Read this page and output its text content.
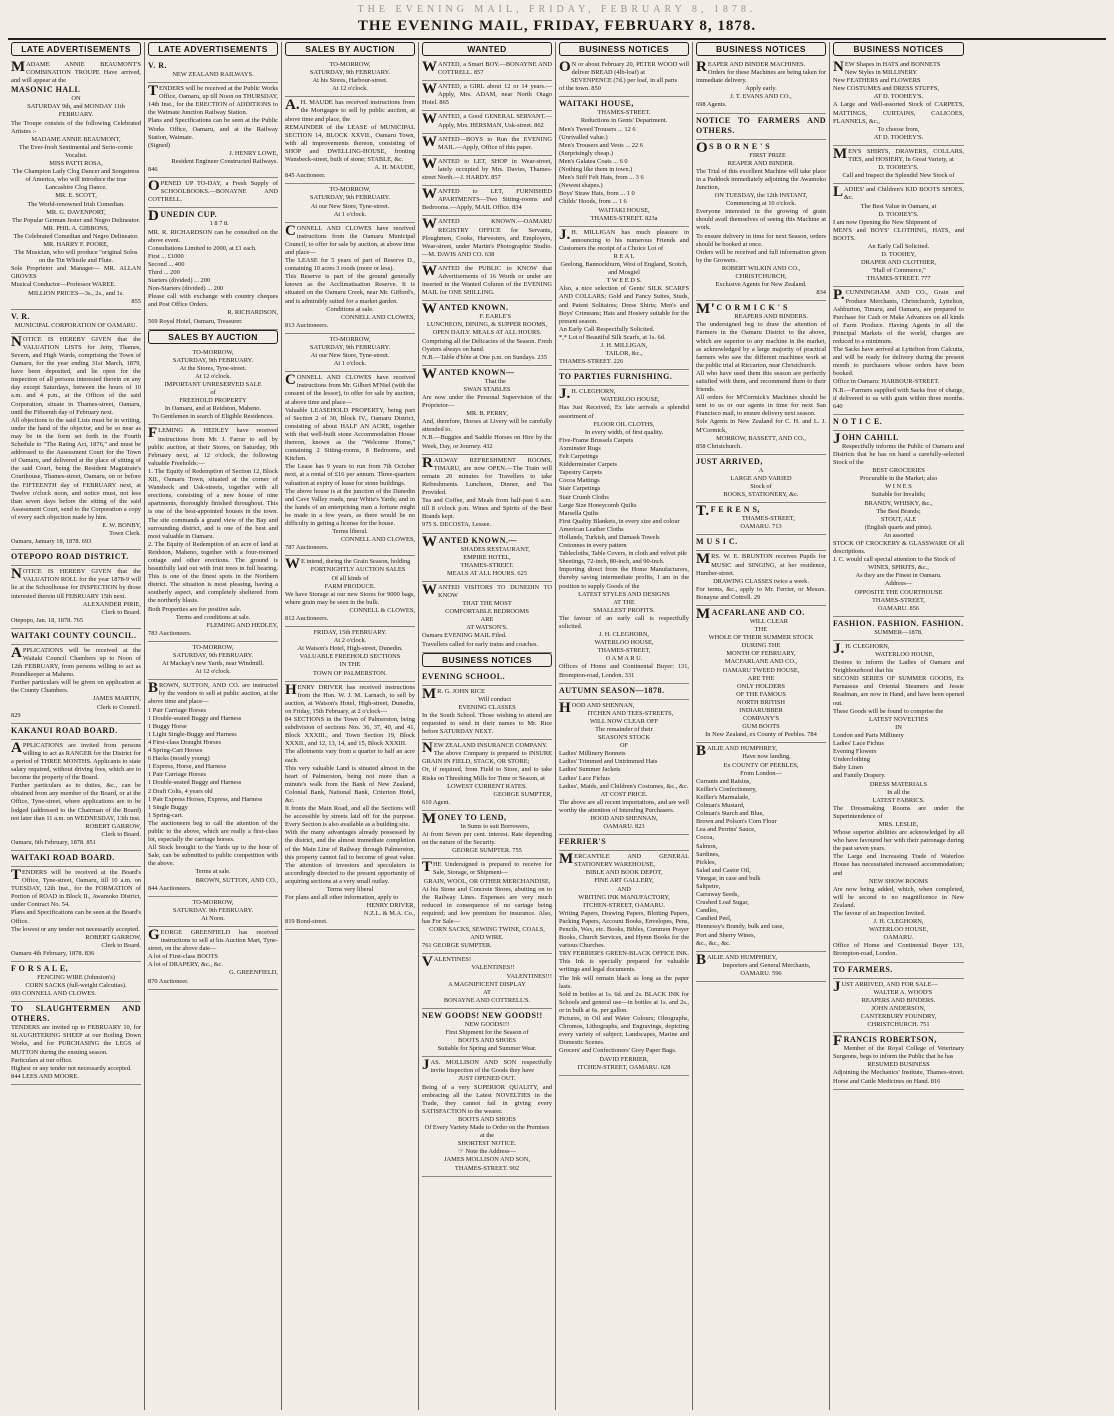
THE EVENING MAIL, FRIDAY, FEBRUARY 8, 1878.
THE EVENING MAIL, FRIDAY, FEBRUARY 8, 1878.
LATE ADVERTISEMENTS

MADAME ANNIE BEAUMONT'S COMBINATION TROUPE Have arrived, and will appear at the

MASONIC HALL

ON

SATURDAY 9th, and MONDAY 11th FEBRUARY.

The Troupe consists of the following Celebrated Artistes :-

MADAME ANNIE BEAUMONT,

The Ever-fresh Sentimental and Serio-comic Vocalist.

MISS PATTI ROSA,

The Champion Lady Clog Dancer and Songstress of America, who will introduce the true Lancashire Clog Dance.

MR. E. SCOTT,

The World-renowned Irish Comedian.

MR. G. DAVENPORT,

The Popular German Jester and Negro Delineator.

MR. PHIL A. GIBBONS,

The Celebrated Comedian and Negro Delineator.

MR. HARRY F. POORE,

The Musician, who will produce "original Solos on the Tin Whistle and Flute.

Sole Proprietor and Manager— MR. ALLAN GROVES

Musical Conductor—Professor WAREE.

MILLION PRICES—3s., 2s., and 1s.

855

V. R.

MUNICIPAL CORPORATION OF OAMARU.

NOTICE IS HEREBY GIVEN that the VALUATION LISTS for Jetty, Thames, Severn, and High Wards, comprising the Town of Oamaru, for the year ending 31st March, 1879, have been deposited, and lie open for the inspection of all persons interested therein on any day except Saturdays, between the hours of 10 a.m. and 4 p.m., at the Offices of the said Corporation, situate in Thames-street, Oamaru, until the Fifteenth day of February next.

All objections to the said Lists must be in writing, under the hand of the objector, and be so near as may be in the form set forth in the Fourth Schedule to "The Rating Act, 1876," and must be addressed to the Assessment Court for the Town of Oamaru, and delivered at the place of sitting of the said Court, being the Resident Magistrate's Courthouse, Thames-street, Oamaru, on or before the FIFTEENTH day of FEBRUARY next, at Twelve o'clock noon, and notice must, not less than seven days before the sitting of the said Assessment Court, send to the Corporation a copy of every such objection made by him.

E. W. BONBY,

Town Clerk.

Oamaru, January 18, 1878. 693

OTEPOPO ROAD DISTRICT.

NOTICE IS HEREBY GIVEN that the VALUATION ROLL for the year 1878-9 will lie at the Schoolhouse for INSPECTION by those interested therein till FEBRUARY 15th next.

ALEXANDER PIRIE,

Clerk to Board.

Otepopo, Jan. 18, 1878. 765

WAITAKI COUNTY COUNCIL.

APPLICATIONS will be received at the Waitaki Council Chambers up to Noon of 12th FEBRUARY, from persons willing to act as Poundkeeper at Maheno.

Further particulars will be given on application at the County Chambers.

JAMES MARTIN,

Clerk to Council.

829

KAKANUI ROAD BOARD.

APPLICATIONS are invited from persons willing to act as RANGER for the District for a period of THREE MONTHS. Applicants to state salary required, without driving fees, which are to become the property of the Board.

Further particulars as to duties, &c., can be obtained from any member of the Board, or at the Office, Tyne-street, where applications are to be lodged (addressed to the Chairman of the Board) not later than 11 a.m. on WEDNESDAY, 13th inst.

ROBERT GARROW,

Clerk to Board.

Oamaru, 6th February, 1878. 851

WAITAKI ROAD BOARD.

TENDERS will be received at the Board's Office, Tyne-street, Oamaru, till 10 a.m. on TUESDAY, 12th Inst., for the FORMATION of Portion of ROAD in Block II., Awamoko District, under Contract No. 54.

Plans and Specifications can be seen at the Board's Office.

The lowest or any tender not necessarily accepted.

ROBERT GARROW,

Clerk to Board.

Oamaru 4th February, 1878. 836

F O R S A L E,

FENCING WIRE (Johnston's)

CORN SACKS (full-weight Calcuttas).

693 CONNELL AND CLOWES.

TO SLAUGHTERMEN AND OTHERS.

TENDERS are invited up to FEBRUARY 10, for SLAUGHTERING SHEEP at our Boiling Down Works, and for PURCHASING the LEGS of MUTTON during the ensuing season.

Particulars at our office.

Highest or any tender not necessarily accepted.

844 LEES AND MOORE.

LATE ADVERTISEMENTS

V. R.

NEW ZEALAND RAILWAYS.

TENDERS will be received at the Public Works Office, Oamaru, up till Noon on THURSDAY, 14th Inst., for the ERECTION of ADDITIONS to the Waimate Junction Railway Station.

Plans and Specifications can be seen at the Public Works Office, Oamaru, and at the Railway Station, Waimate.

(Signed)

J. HENRY LOWE,

Resident Engineer Constructed Railways.

846

OPENED UP TO-DAY, a Fresh Supply of SCHOOLBOOKS.—BONAYNE AND COTTRELL.

DUNEDIN CUP.

1 8 7 8.

MR. R. RICHARDSON can be consulted on the above event.

Consultations Limited to 2000, at £1 each.

First ... £1000

Second ... 400

Third ... 200

Starters (divided) ... 200

Non-Starters (divided) ... 200

Please call with exchange with country cheques and Post Office Orders.

R. RICHARDSON,

569 Royal Hotel, Oamaru, Treasurer.

SALES BY AUCTION

TO-MORROW,

SATURDAY, 9th FEBRUARY.

At the Stores, Tyne-street.

At 12 o'clock.

IMPORTANT UNRESERVED SALE

of

FREEHOLD PROPERTY

In Oamaru, and at Reidston, Maheno.

To Gentlemen in search of Eligible Residences.

FLEMING & HEDLEY have received instructions from Mr. J. Farrar to sell by public auction, at their Stores, on Saturday, 9th February next, at 12 o'clock, the following valuable Freeholds:—

1. The Equity of Redemption of Section 12, Block XII., Oamaru Town, situated at the corner of Wansbeck and Usk-streets, together with all erections, consisting of a new house of nine apartments, thoroughly finished throughout. This is one of the best-appointed houses in the town. The site commands a grand view of the Bay and surrounding district, and is one of the best and most valuable in Oamaru.

2. The Equity of Redemption of an acre of land at Reidston, Maheno, together with a four-roomed cottage and other erections. The ground is beautifully laid out with fruit trees in full bearing. This is one of the finest spots in the Northern district. The situation is most pleasing, having a southerly aspect, and completely sheltered from the northerly blasts.

Both Properties are for positive sale.

Terms and conditions at sale.

FLEMING AND HEDLEY,

783 Auctioneers.

TO-MORROW,

SATURDAY, 9th FEBRUARY.

At Mackay's new Yards, near Windmill.

At 12 o'clock.

BROWN, SUTTON, AND CO. are instructed by the vendors to sell at public auction, at the above time and place—

1 Pair Carriage Horses

1 Double-seated Buggy and Harness

1 Buggy Horse

1 Light Single-Buggy and Harness

4 First-class Draught Horses

4 Spring-Cart Horses

6 Hacks (mostly young)

1 Express, Horse, and Harness

1 Pair Carriage Horses

1 Double-seated Buggy and Harness

2 Draft Colts, 4 years old

1 Pair Express Horses, Express, and Harness

1 Single Buggy

1 Spring-cart.

The auctioneers beg to call the attention of the public to the above, which are really a first-class lot, especially the carriage horses.

All Stock brought to the Yards up to the hour of Sale, can be submitted to public competition with the above.

Terms at sale.

BROWN, SUTTON, AND CO.,

844 Auctioneers.

TO-MORROW,

SATURDAY. 9th FEBRUARY.

At Noon.

GEORGE GREENFIELD has received instructions to sell at his Auction Mart, Tyne-street, on the above date—

A lot of First-class BOOTS

A lot of DRAPERY, &c., &c.

G. GREENFIELD,

870 Auctioneer.

SALES BY AUCTION

TO-MORROW,

SATURDAY, 9th FEBRUARY.

At his Stores, Harbour-street.

At 12 o'clock.

A.H. MAUDE has received instructions from the Mortgagee to sell by public auction, at above time and place, the

REMAINDER of the LEASE of MUNICIPAL SECTION 14, BLOCK XXVII., Oamaru Town, with all improvements thereon, consisting of SHOP and DWELLING-HOUSE, fronting Wansbeck-street, built of stone; STABLE, &c.

A. H. MAUDE,

845 Auctioneer.

TO-MORROW,

SATURDAY, 9th FEBRUARY.

At our New Store, Tyne-street.

At 1 o'clock.

CONNELL AND CLOWES have received instructions from the Oamaru Municipal Council, to offer for sale by auction, at above time and place—

The LEASE for 5 years of part of Reserve D., containing 10 acres 3 roods (more or less).

This Reserve is part of the ground generally known as the Acclimatisation Reserve. It is situated on the Oamaru Creek, near Mr. Gifford's, and is admirably suited for a market garden.

Conditions at sale.

CONNELL AND CLOWES,

813 Auctioneers.

TO-MORROW,

SATURDAY, 9th FEBRUARY.

At our New Store, Tyne-street.

At 1 o'clock.

CONNELL AND CLOWES have received instructions from Mr. Gilbert M'Niel (with the consent of the lessor), to offer for sale by auction, at above time and place—

Valuable LEASEHOLD PROPERTY, being part of Section 2 of 30, Block IV., Oamaru District, consisting of about HALF AN ACRE, together with that well-built stone Accommodation House thereon, known as the "Welcome Home," containing 2 Sitting-rooms, 8 Bedrooms, and Kitchen.

The Lease has 9 years to run from 7th October next, at a rental of £16 per annum. Three-quarters valuation at expiry of lease for stone buildings.

The above house is at the junction of the Dunedin and Cave Valley roads, near White's Yards; and in the hands of an enterprising man a fortune might be made in a few years, as there would be no difficulty in getting a license for the house.

Terms liberal.

CONNELL AND CLOWES,

787 Auctioneers.

WE intend, during the Grain Season, holding

FORTNIGHTLY AUCTION SALES

Of all kinds of

FARM PRODUCE.

We have Storage at our new Stores for 9000 bags, where grain may be seen in the bulk.

CONNELL & CLOWES,

812 Auctioneers.

FRIDAY, 15th FEBRUARY.

At 2 o'clock.

At Watson's Hotel, High-street, Dunedin.

VALUABLE FREEHOLD SECTIONS

IN THE

TOWN OF PALMERSTON.

HENRY DRIVER has received instructions from the Hon. W. J. M. Larnach, to sell by auction, at Watson's Hotel, High-street, Dunedin, on Friday, 15th February, at 2 o'clock—

84 SECTIONS in the Town of Palmerston, being subdivision of sections Nos. 36, 37, 40, and 41, Block XXXIII., and Town Section 19, Block XXXII., and 12, 13, 14, and 15, Block XXXIII.

The allotments vary from a quarter to half an acre each.

This very valuable Land is situated almost in the heart of Palmerston, being not more than a minute's walk from the Bank of New Zealand, Colonial Bank, National Bank, Criterion Hotel, &c.

It fronts the Main Road, and all the Sections will be accessible by streets laid off for the purpose. Every Section is also available as a building site.

With the many advantages already possessed by the district, and the almost immediate completion of the Main Line of Railway through Palmerston, this property cannot fail to become of great value. The attention of investors and speculators is accordingly directed to the present opportunity of acquiring sections at a very small outlay.

Terms very liberal

For plans and all other information, apply to

HENRY DRIVER,

N.Z.L. & M.A. Co.,

819 Bond-street.

WANTED

WANTED, a Smart BOY.—BONAYNE AND COTTRELL. 857

WANTED, a GIRL about 12 or 14 years.—Apply, Mrs. ADAM, near North Otago Hotel. 865

WANTED, a Good GENERAL SERVANT.—Apply, Mrs. HERSMAN, Usk-street. 862

WANTED—BOYS to Run the EVENING MAIL.—Apply, Office of this paper.

WANTED to LET, SHOP in Wear-street, lately occupied by Mrs. Davies, Thames-street North.—J. HARDY. 857

WANTED to LET, FURNISHED APARTMENTS—Two Sitting-rooms and Bedrooms.—Apply, MAIL Office. 834

WANTED KNOWN.—OAMARU REGISTRY OFFICE for Servants, Ploughmen, Cooks, Harvesters, and Employers, Wear-street, under Martin's Photographic Studio.—M. DAVIS AND CO. 638

WANTED the PUBLIC to KNOW that Advertisements of 16 Words or under are inserted in the Wanted Column of the EVENING MAIL for ONE SHILLING.

WANTED KNOWN.

F. EARLE'S

LUNCHEON, DINING, & SUPPER ROOMS,

OPEN DAILY. MEALS AT ALL HOURS.

Comprising all the Delicacies of the Season. Fresh Oysters always on hand.

N.B.—Table d'hôte at One p.m. on Sundays. 235

WANTED KNOWN—

That the

SWAN STABLES

Are now under the Personal Supervision of the Proprietor—

MR. B. PERRY,

And, therefore, Horses at Livery will be carefully attended to.

N.B.—Buggies and Saddle Horses on Hire by the Week, Day, or Journey. 432

RAILWAY REFRESHMENT ROOMS, TIMARU, are now OPEN.—The Train will remain 20 minutes for Travellers to take Refreshments. Luncheon, Dinner, and Tea Provided.

Tea and Coffee, and Meals from half-past 6 a.m. till 8 o'clock p.m. Wines and Spirits of the Best Brands kept.

975 S. DECOSTA, Lessee.

WANTED KNOWN.—

SHADES RESTAURANT,

EMPIRE HOTEL,

THAMES-STREET.

MEALS AT ALL HOURS. 625

WANTED VISITORS TO DUNEDIN TO KNOW

THAT THE MOST

COMFORTABLE BEDROOMS

ARE

AT WATSON'S.

Oamaru EVENING MAIL Filed.

Travellers called for early trains and coaches.

BUSINESS NOTICES

EVENING SCHOOL.

MR. G. JOHN RICE

Will conduct

EVENING CLASSES

In the South School. Those wishing to attend are requested to send in their names to Mr. Rice before SATURDAY NEXT.

NEW ZEALAND INSURANCE COMPANY.

The above Company is prepared to INSURE GRAIN IN FIELD, STACK, OR STORE;

Or, if required, from Field to Store, and to take Risks on Threshing Mills for Time or Season, at

LOWEST CURRENT RATES.

GEORGE SUMPTER,

610 Agent.

MONEY TO LEND,

In Sums to suit Borrowers,

At from Seven per cent. interest. Rate depending on the nature of the Security.

GEORGE SUMPTER. 755

THE Undersigned is prepared to receive for Sale, Storage, or Shipment—

GRAIN, WOOL, OR OTHER MERCHANDISE,

At his Stone and Concrete Stores, abutting on to the Railway Lines. Expenses are very much reduced in consequence of no cartage being required; and low premium for insurance. Also, has For Sale—

CORN SACKS, SEWING TWINE, COALS, AND WIRE.

761 GEORGE SUMPTER.

VALENTINES!

VALENTINES!!

VALENTINES!!!

A MAGNIFICENT DISPLAY

AT

BONAYNE AND COTTRELL'S.

NEW GOODS! NEW GOODS!!

NEW GOODS!!!

First Shipment for the Season of

BOOTS AND SHOES

Suitable for Spring and Summer Wear.

JAS. MOLLISON AND SON respectfully invite Inspection of the Goods they have

JUST OPENED OUT.

Being of a very SUPERIOR QUALITY, and embracing all the Latest NOVELTIES in the Trade, they cannot fail in giving every SATISFACTION to the wearer.

BOOTS AND SHOES

Of Every Variety Made to Order on the Premises at the

SHORTEST NOTICE.

☞ Note the Address—

JAMES MOLLISON AND SON,

THAMES-STREET. 902

BUSINESS NOTICES

ON or about February 20, PETER WOOD will deliver BREAD (4lb-loaf) at

SEVENPENCE (7d.) per loaf, in all parts

of the town. 850

WAITAKI HOUSE,

THAMES-STREET.

Reductions in Gents' Department.

Men's Tweed Trousers ... 12 6

(Unrivalled value.)

Men's Trousers and Vests ... 22 6

(Surprisingly cheap.)

Men's Galatea Coats ... 6 0

(Nothing like them in town.)

Men's Stiff Felt Hats, from ... 3 6

(Newest shapes.)

Boys' Straw Hats, from ... 1 0

Childs' Hoods, from ... 1 6

WAITAKI HOUSE,

THAMES-STREET. 823a

J.H. MILLIGAN has much pleasure in announcing to his numerous Friends and Customers the receipt of a Choice Lot of

R E A L

Geelong, Bannockburn, West of England, Scotch, and Mosgiel

T W E E D S.

Also, a nice selection of Gents' SILK SCARFS AND COLLARS; Gold and Fancy Suites, Studs, and Patent Solitaires; Dress Shirts; Men's and Boys' Crimeans; Hats and Hosiery suitable for the present season.

An Early Call Respectfully Solicited.

*,* Lot of Beautiful Silk Scarfs, at 1s. 6d.

J. H. MILLIGAN,

TAILOR, &c.,

THAMES-STREET. 226

TO PARTIES FURNISHING.

J.H. CLEGHORN,

WATERLOO HOUSE,

Has Just Received, Ex late arrivals a splendid assortment of

FLOOR OIL CLOTHS,

In every width, of first quality.

Five-Frame Brussels Carpets

Axminster Rugs

Felt Carpetings

Kidderminster Carpets

Tapestry Carpets

Cocoa Mattings

Stair Carpetings

Stair Crumb Cloths

Large Size Honeycomb Quilts

Marsella Quilts

First Quality Blankets, in every size and colour

American Leather Cloths

Hollands, Turkish, and Damask Towels

Cretonnes in every pattern

Tablecloths, Table Covers, in cloth and velvet pile

Sheetings, 72-inch, 80-inch, and 90-inch.

Importing direct from the Home Manufacturers, thereby saving intermediate profits, I am in the position to supply Goods of the

LATEST STYLES AND DESIGNS

AT THE

SMALLEST PROFITS.

The favour of an early call is respectfully solicited.

J. H. CLEGHORN,

WATERLOO HOUSE,

THAMES-STREET,

O A M A R U.

Offices of Home and Continental Buyer: 131, Brompton-road, London. 331

AUTUMN SEASON—1878.

HOOD AND SHENNAN,

ITCHEN AND TEES-STREETS,

WILL NOW CLEAR OFF

The remainder of their

SEASON'S STOCK

OF

Ladies' Millinery Bonnets

Ladies' Trimmed and Untrimmed Hats

Ladies' Summer Jackets

Ladies' Lace Fichus

Ladies', Maids, and Children's Costumes, &c., &c.

AT COST PRICE.

The above are all recent importations, and are well worthy the attention of Intending Purchasers.

HOOD AND SHENNAN,

OAMARU. 823

FERRIER'S

MERCANTILE AND GENERAL STATIONERY WAREHOUSE,

BIBLE AND BOOK DEPOT,

FINE ART GALLERY,

AND

WRITING INK MANUFACTORY,

ITCHEN-STREET, OAMARU.

Writing Papers, Drawing Papers, Blotting Papers, Packing Papers, Account Books, Envelopes, Pens, Pencils, Wax, etc. Books, Bibles, Common Prayer Books, Church Services, and Hymn Books for the various Churches.

TRY FERRIER'S GREEN-BLACK OFFICE INK. This Ink is specially prepared for valuable writings and legal documents.

The Ink will remain black as long as the paper lasts.

Sold in bottles at 1s. 6d. and 2s. BLACK INK for Schools and general use—in bottles at 1s. and 2s., or in bulk at 6s. per gallon.

Pictures, in Oil and Water Colours; Oleographs, Chromos, Lithographs, and Engravings, depicting every variety of subject; Landscapes, Marine and Domestic Scenes.

Grocers' and Confectioners' Grey Paper Bags.

DAVID FERRIER,

ITCHEN-STREET, OAMARU. 628

BUSINESS NOTICES

REAPER AND BINDER MACHINES.

Orders for these Machines are being taken for immediate delivery.

Apply early.

J. T. EVANS AND CO.,

698 Agents.

NOTICE TO FARMERS AND OTHERS.

OS B O R N E ' S

FIRST PRIZE

REAPER AND BINDER.

The Trial of this excellent Machine will take place in a Paddock immediately adjoining the Awamoko Junction,

ON TUESDAY, the 12th INSTANT,

Commencing at 10 o'clock.

Everyone interested in the growing of grain should avail themselves of seeing this Machine at work.

To ensure delivery in time for next Season, orders should be booked at once.

Orders will be received and full information given by the Growers.

ROBERT WILKIN AND CO.,

CHRISTCHURCH,

Exclusive Agents for New Zealand.

834

M'C O R M I C K ' S

REAPERS AND BINDERS.

The undersigned beg to draw the attention of Farmers in the Oamaru District to the above, which are superior to any machine in the market, as acknowledged by a large majority of practical farmers who saw the different machines work at the public trial at Riccarton, near Christchurch.

All who have used them this season are perfectly satisfied with them, and recommend them to their friends.

All orders for M'Cormick's Machines should be sent to us or our agents in time for next San Francisco mail, to ensure delivery next season.

Sole Agents in New Zealand for C. H. and L. J. M'Cormick,

MORROW, BASSETT, AND CO.,

858 Christchurch.

JUST ARRIVED,

A

LARGE AND VARIED

Stock of

BOOKS, STATIONERY, &c.

T.F E R E N S,

THAMES-STREET,

OAMARU. 713

M U S I C.

MRS. W. E. BRUNTON receives Pupils for MUSIC and SINGING, at her residence, Humber-street.

DRAWING CLASSES twice a week.

For terms, &c., apply to Mr. Ferrier, or Messrs. Bonayne and Cottrell. 29

MACFARLANE AND CO.

WILL CLEAR

THE

WHOLE OF THEIR SUMMER STOCK

DURING THE

MONTH OF FEBRUARY,

MACFARLANE AND CO.,

OAMARU TWEED HOUSE,

ARE THE

ONLY HOLDERS

OF THE FAMOUS

NORTH BRITISH

INDIARUBBER

COMPANY'S

GUM BOOTS

In New Zealand, ex County of Peebles. 784

BAILIE AND HUMPHREY,

Have now landing,

Ex COUNTY OF PEEBLES,

From London—

Currants and Raisins,

Keiller's Confectionery,

Keiller's Marmalade,

Colman's Mustard,

Colman's Starch and Blue,

Brown and Polson's Corn Flour

Lea and Perrins' Sauce,

Cocoa,

Salmon,

Sardines,

Pickles,

Salad and Castor Oil,

Vinegar, in case and bulk

Saltpetre,

Carraway Seeds,

Crushed Loaf Sugar,

Candles,

Candied Peel,

Hennessy's Brandy, bulk and case,

Port and Sherry Wines,

&c., &c., &c.

BAILIE AND HUMPHREY,

Importers and General Merchants,

OAMARU. 596

BUSINESS NOTICES

NEW Shapes in HATS and BONNETS

New Styles in MILLINERY

New FEATHERS and FLOWERS

New COSTUMES and DRESS STUFFS,

AT D. TOOHEY'S.

A Large and Well-assorted Stock of CARPETS, MATTINGS, CURTAINS, CALICOES, FLANNELS, &c.,

To choose from,

AT D. TOOHEY'S.

MEN'S SHIRTS, DRAWERS, COLLARS, TIES, and HOSIERY, In Great Variety, at

D. TOOHEY'S.

Call and Inspect the Splendid New Stock of

LADIES' and Children's KID BOOTS SHOES, &c.

The Best Value in Oamaru, at

D. TOOHEY'S.

I am now Opening the New Shipment of

MEN'S and BOYS' CLOTHING, HATS, and BOOTS.

An Early Call Solicited.

D. TOOHEY,

DRAPER AND CLOTHIER,

"Hall of Commerce,"

THAMES-STREET. 777

P.CUNNINGHAM AND CO., Grain and Produce Merchants, Christchurch, Lyttelton, Ashburton, Timaru, and Oamaru, are prepared to Purchase for Cash or Make Advances on all kinds of Farm Produce. Having Agents in all the Principal Markets of the world, charges are reduced to a minimum.

The Sacks have arrived at Lyttelton from Calcutta, and will be ready for delivery during the present month to purchasers whose orders have been booked.

Office in Oamaru: HARBOUR-STREET.

N.B.—Farmers supplied with Sacks free of charge, if delivered to us with grain within three months. 640

N O T I C E.

JOHN CAHILL

Respectfully informs the Public of Oamaru and Districts that he has on hand a carefully-selected Stock of the

BEST GROCERIES

Procurable in the Market; also

W I N E S

Suitable for Invalids;

BRANDY, WHISKY, &c.,

The Best Brands;

STOUT, ALE

(English quarts and pints).

An assorted

STOCK OF CROCKERY & GLASSWARE Of all descriptions.

J. C. would call special attention to the Stock of

WINES, SPIRITS, &c.,

As they are the Finest in Oamaru.

Address—

OPPOSITE THE COURTHOUSE

THAMES-STREET,

OAMARU. 856

FASHION. FASHION. FASHION.

SUMMER—1878.

J.H. CLEGHORN,

WATERLOO HOUSE,

Desires to inform the Ladies of Oamaru and Neighbourhood that his

SECOND SERIES OF SUMMER GOODS, Ex Parnassus and Oriental Steamers and Jessie Readman, are now in Hand, and have been opened out.

These Goods will be found to comprise the

LATEST NOVELTIES

IN

London and Paris Millinery

Ladies' Lace Fichus

Evening Flowers

Underclothing

Baby Linen

and Family Drapery.

DRESS MATERIALS

In all the

LATEST FABRICS.

The Dressmaking Rooms are under the Superintendence of

MRS. LESLIE,

Whose superior abilities are acknowledged by all who have favoured her with their patronage during the past seven years.

The Large and Increasing Trade of Waterloo House has necessitated increased accommodation; and

NEW SHOW ROOMS

Are now being added, which, when completed, will be second to no magnificence in New Zealand.

The favour of an Inspection Invited.

J. H. CLEGHORN,

WATERLOO HOUSE,

OAMARU.

Office of Home and Continental Buyer 131, Brompton-road, London.

TO FARMERS.

JUST ARRIVED, AND FOR SALE—

WALTER A. WOOD'S

REAPERS AND BINDERS.

JOHN ANDERSON,

CANTERBURY FOUNDRY,

CHRISTCHURCH. 751

FRANCIS ROBERTSON,

Member of the Royal College of Veterinary Surgeons, begs to inform the Public that he has

RESUMED BUSINESS

Adjoining the Mechanics' Institute, Thames-street. Horse and Cattle Medicines on Hand. 816
